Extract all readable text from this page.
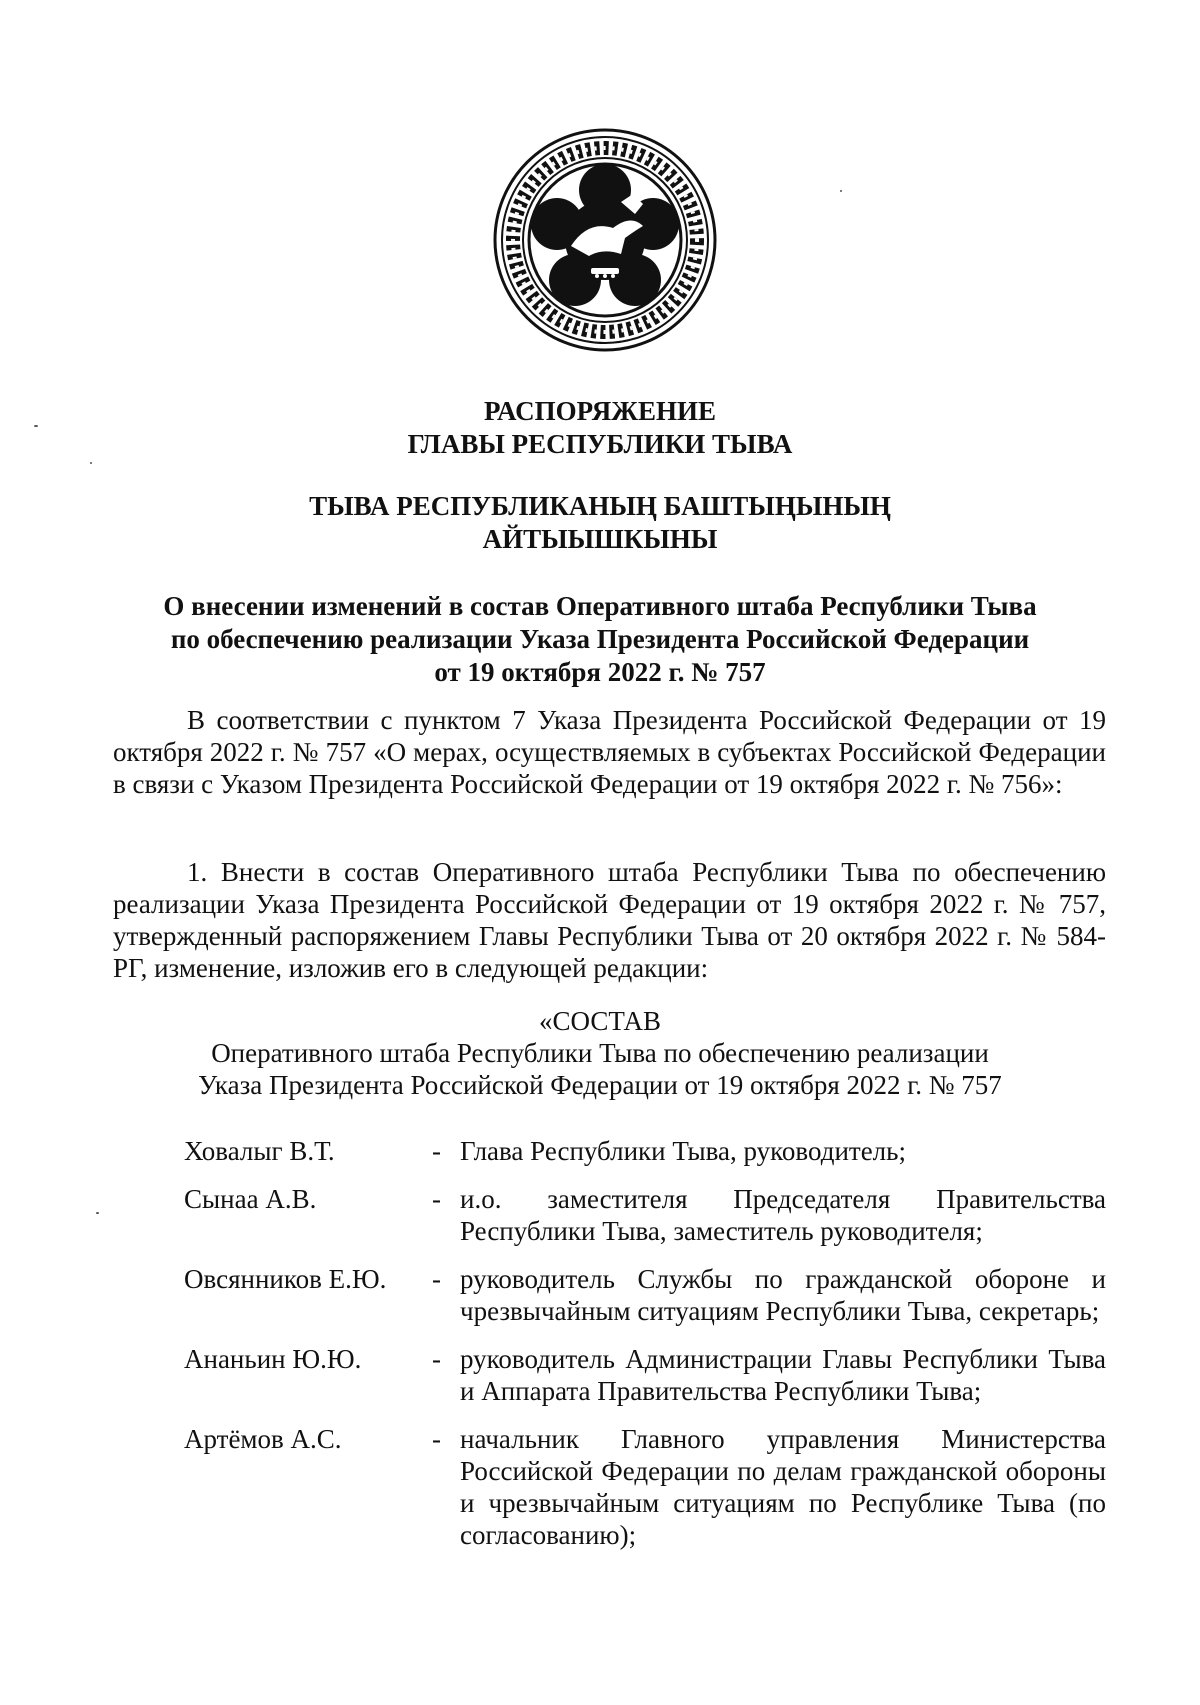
РАСПОРЯЖЕНИЕ
ГЛАВЫ РЕСПУБЛИКИ ТЫВА
ТЫВА РЕСПУБЛИКАНЫҢ БАШТЫҢЫНЫҢ
АЙТЫЫШКЫНЫ
О внесении изменений в состав Оперативного штаба Республики Тыва
по обеспечению реализации Указа Президента Российской Федерации
от 19 октября 2022 г. № 757
В соответствии с пунктом 7 Указа Президента Российской Федерации от 19 октября 2022 г. № 757 «О мерах, осуществляемых в субъектах Российской Федерации в связи с Указом Президента Российской Федерации от 19 октября 2022 г. № 756»:
1. Внести в состав Оперативного штаба Республики Тыва по обеспечению реализации Указа Президента Российской Федерации от 19 октября 2022 г. № 757, утвержденный распоряжением Главы Республики Тыва от 20 октября 2022 г. № 584-РГ, изменение, изложив его в следующей редакции:
«СОСТАВ
Оперативного штаба Республики Тыва по обеспечению реализации
Указа Президента Российской Федерации от 19 октября 2022 г. № 757
Ховалыг В.Т.	- Глава Республики Тыва, руководитель;
Сынаа А.В.	- и.о. заместителя Председателя Правительства Республики Тыва, заместитель руководителя;
Овсянников Е.Ю.	- руководитель Службы по гражданской обороне и чрезвычайным ситуациям Республики Тыва, секретарь;
Ананьин Ю.Ю.	- руководитель Администрации Главы Республики Тыва и Аппарата Правительства Республики Тыва;
Артёмов А.С.	- начальник Главного управления Министерства Российской Федерации по делам гражданской обороны и чрезвычайным ситуациям по Республике Тыва (по согласованию);
